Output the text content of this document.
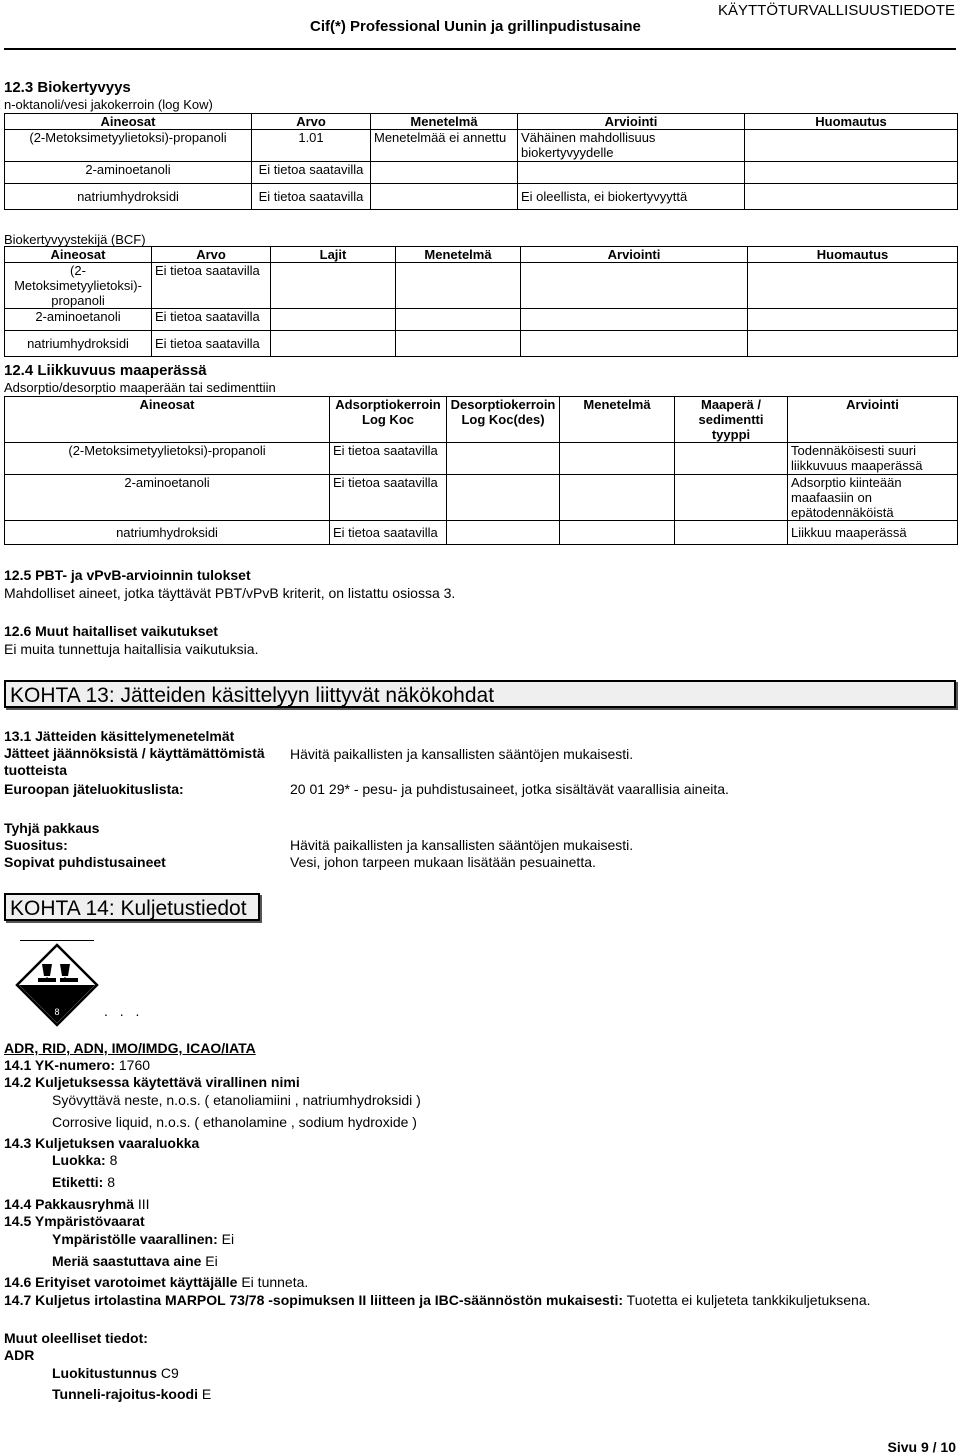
Cif(*) Professional Uunin ja grillinpudistusaine
KÄYTTÖTURVALLISUUSTIEDOTE
12.3 Biokertyvyys
n-oktanoli/vesi jakokerroin (log Kow)
Aineosat	Arvo	Menetelmä	Arviointi	Huomautus
(2-Metoksimetyylietoksi)-propanoli	1.01	Menetelmää ei annettu	Vähäinen mahdollisuus biokertyvyydelle	
2-aminoetanoli	Ei tietoa saatavilla			
natriumhydroksidi	Ei tietoa saatavilla		Ei oleellista, ei biokertyvyyttä	
Biokertyvyystekijä (BCF)
Aineosat	Arvo	Lajit	Menetelmä	Arviointi	Huomautus
(2-Metoksimetyylietoksi)-propanoli	Ei tietoa saatavilla				
2-aminoetanoli	Ei tietoa saatavilla				
natriumhydroksidi	Ei tietoa saatavilla				
12.4 Liikkuvuus maaperässä
Adsorptio/desorptio maaperään tai sedimenttiin
Aineosat	Adsorptiokerroin Log Koc	Desorptiokerroin Log Koc(des)	Menetelmä	Maaperä / sedimentti tyyppi	Arviointi
(2-Metoksimetyylietoksi)-propanoli	Ei tietoa saatavilla				Todennäköisesti suuri liikkuvuus maaperässä
2-aminoetanoli	Ei tietoa saatavilla				Adsorptio kiinteään maafaasiin on epätodennäköistä
natriumhydroksidi	Ei tietoa saatavilla				Liikkuu maaperässä
12.5 PBT- ja vPvB-arvioinnin tulokset
Mahdolliset aineet, jotka täyttävät PBT/vPvB kriterit, on listattu osiossa 3.
12.6 Muut haitalliset vaikutukset
Ei muita tunnettuja haitallisia vaikutuksia.
KOHTA 13: Jätteiden käsittelyyn liittyvät näkökohdat
13.1 Jätteiden käsittelymenetelmät
Jätteet jäännöksistä / käyttämättömistä tuotteista
Hävitä paikallisten ja kansallisten sääntöjen mukaisesti.
Euroopan jäteluokituslista:	20 01 29* - pesu- ja puhdistusaineet, jotka sisältävät vaarallisia aineita.
Tyhjä pakkaus
Suositus:	Hävitä paikallisten ja kansallisten sääntöjen mukaisesti.
Sopivat puhdistusaineet	Vesi, johon tarpeen mukaan lisätään pesuainetta.
KOHTA 14: Kuljetustiedot
8	. . .
ADR, RID, ADN, IMO/IMDG, ICAO/IATA
14.1 YK-numero: 1760
14.2 Kuljetuksessa käytettävä virallinen nimi
Syövyttävä neste, n.o.s. ( etanoliamiini , natriumhydroksidi )
Corrosive liquid, n.o.s. ( ethanolamine , sodium hydroxide )
14.3 Kuljetuksen vaaraluokka
Luokka: 8
Etiketti: 8
14.4 Pakkausryhmä III
14.5 Ympäristövaarat
Ympäristölle vaarallinen: Ei
Meriä saastuttava aine Ei
14.6 Erityiset varotoimet käyttäjälle Ei tunneta.
14.7 Kuljetus irtolastina MARPOL 73/78 -sopimuksen II liitteen ja IBC-säännöstön mukaisesti: Tuotetta ei kuljeteta tankkikuljetuksena.
Muut oleelliset tiedot:
ADR
Luokitustunnus C9
Tunneli-rajoitus-koodi E
Sivu 9 / 10
